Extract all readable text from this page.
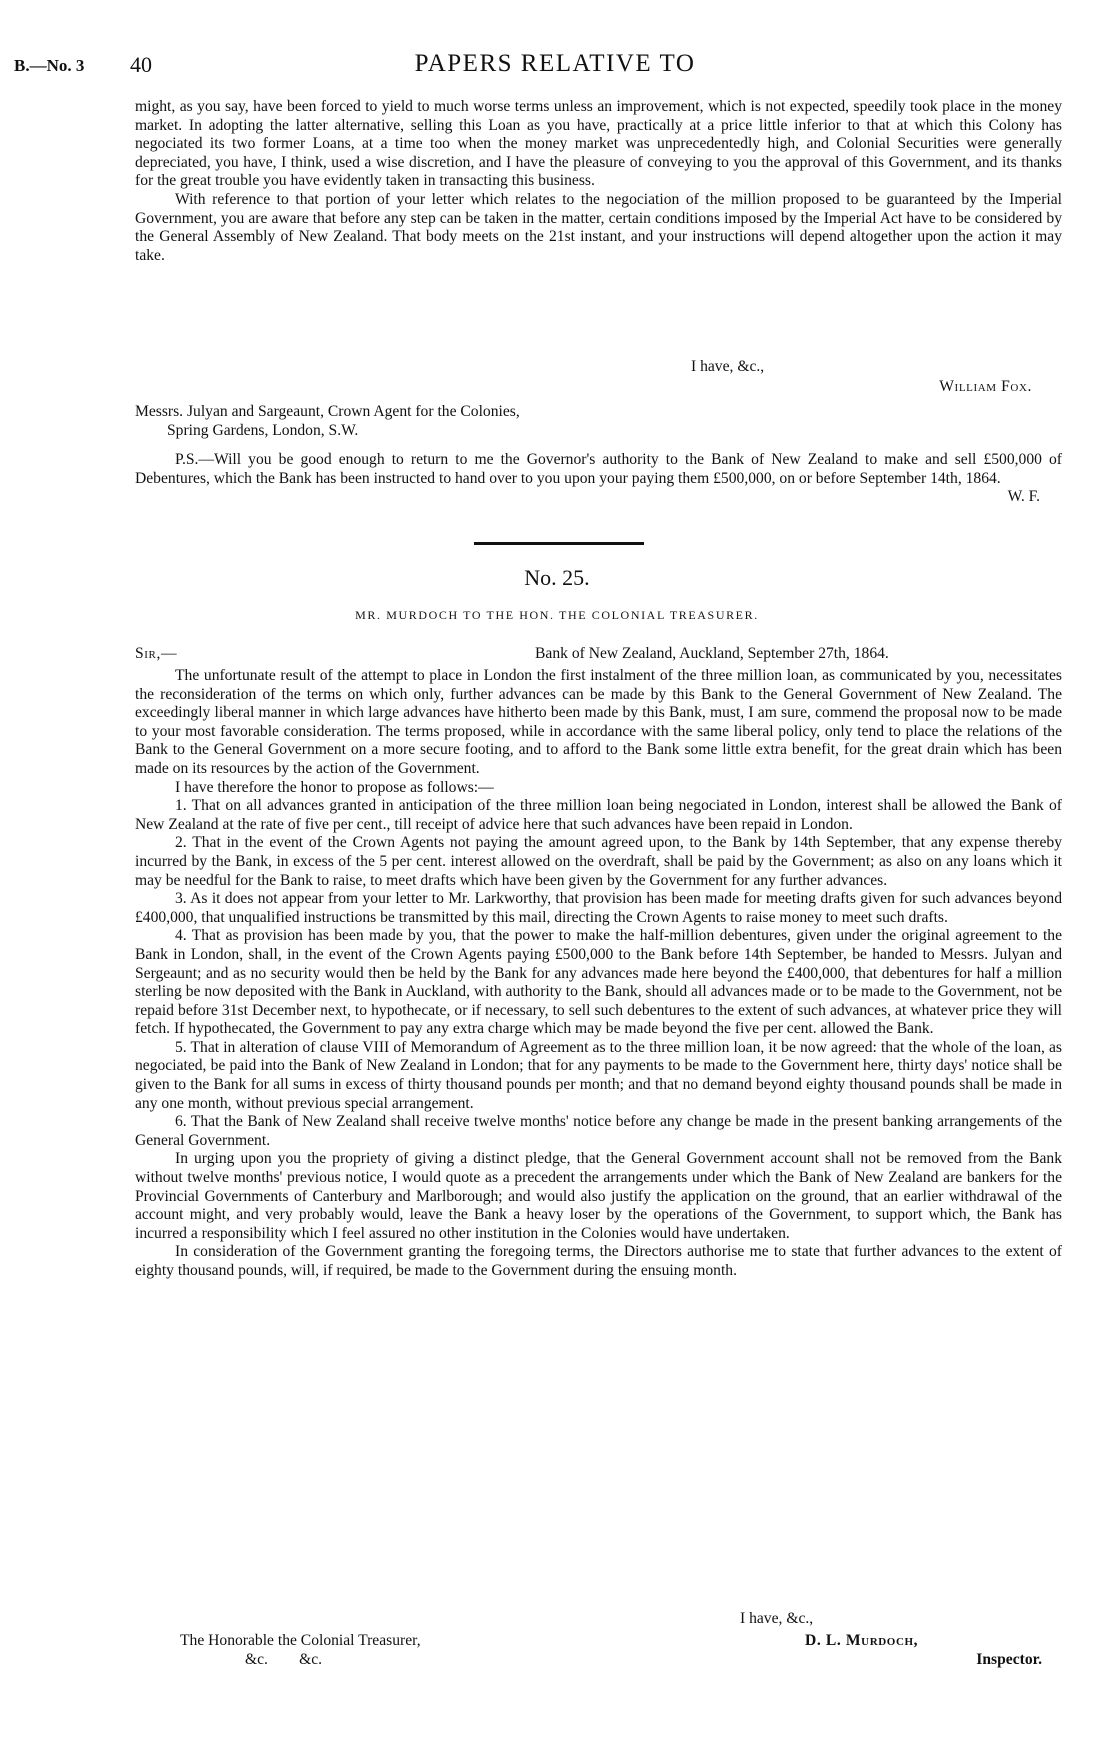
B.—No. 3 40	PAPERS RELATIVE TO

might, as you say, have been forced to yield to much worse terms unless an improvement, which is not expected, speedily took place in the money market. In adopting the latter alternative, selling this Loan as you have, practically at a price little inferior to that at which this Colony has negociated its two former Loans, at a time too when the money market was unprecedentedly high, and Colonial Securities were generally depreciated, you have, I think, used a wise discretion, and I have the pleasure of conveying to you the approval of this Government, and its thanks for the great trouble you have evidently taken in transacting this business.

With reference to that portion of your letter which relates to the negociation of the million proposed to be guaranteed by the Imperial Government, you are aware that before any step can be taken in the matter, certain conditions imposed by the Imperial Act have to be considered by the General Assembly of New Zealand. That body meets on the 21st instant, and your instructions will depend altogether upon the action it may take.

I have, &c.,

William Fox.

Messrs. Julyan and Sargeaunt, Crown Agent for the Colonies,

Spring Gardens, London, S.W.

P.S.—Will you be good enough to return to me the Governor's authority to the Bank of New Zealand to make and sell £500,000 of Debentures, which the Bank has been instructed to hand over to you upon your paying them £500,000, on or before September 14th, 1864.

W. F.

No. 25.
MR. MURDOCH TO THE HON. THE COLONIAL TREASURER.

Sir,—	Bank of New Zealand, Auckland, September 27th, 1864.

The unfortunate result of the attempt to place in London the first instalment of the three million loan, as communicated by you, necessitates the reconsideration of the terms on which only, further advances can be made by this Bank to the General Government of New Zealand. The exceedingly liberal manner in which large advances have hitherto been made by this Bank, must, I am sure, commend the proposal now to be made to your most favorable consideration. The terms proposed, while in accordance with the same liberal policy, only tend to place the relations of the Bank to the General Government on a more secure footing, and to afford to the Bank some little extra benefit, for the great drain which has been made on its resources by the action of the Government.

I have therefore the honor to propose as follows:—

1. That on all advances granted in anticipation of the three million loan being negociated in London, interest shall be allowed the Bank of New Zealand at the rate of five per cent., till receipt of advice here that such advances have been repaid in London.

2. That in the event of the Crown Agents not paying the amount agreed upon, to the Bank by 14th September, that any expense thereby incurred by the Bank, in excess of the 5 per cent. interest allowed on the overdraft, shall be paid by the Government; as also on any loans which it may be needful for the Bank to raise, to meet drafts which have been given by the Government for any further advances.

3. As it does not appear from your letter to Mr. Larkworthy, that provision has been made for meeting drafts given for such advances beyond £400,000, that unqualified instructions be transmitted by this mail, directing the Crown Agents to raise money to meet such drafts.

4. That as provision has been made by you, that the power to make the half-million debentures, given under the original agreement to the Bank in London, shall, in the event of the Crown Agents paying £500,000 to the Bank before 14th September, be handed to Messrs. Julyan and Sergeaunt; and as no security would then be held by the Bank for any advances made here beyond the £400,000, that debentures for half a million sterling be now deposited with the Bank in Auckland, with authority to the Bank, should all advances made or to be made to the Government, not be repaid before 31st December next, to hypothecate, or if necessary, to sell such debentures to the extent of such advances, at whatever price they will fetch. If hypothecated, the Government to pay any extra charge which may be made beyond the five per cent. allowed the Bank.

5. That in alteration of clause VIII of Memorandum of Agreement as to the three million loan, it be now agreed: that the whole of the loan, as negociated, be paid into the Bank of New Zealand in London; that for any payments to be made to the Government here, thirty days' notice shall be given to the Bank for all sums in excess of thirty thousand pounds per month; and that no demand beyond eighty thousand pounds shall be made in any one month, without previous special arrangement.

6. That the Bank of New Zealand shall receive twelve months' notice before any change be made in the present banking arrangements of the General Government.

In urging upon you the propriety of giving a distinct pledge, that the General Government account shall not be removed from the Bank without twelve months' previous notice, I would quote as a precedent the arrangements under which the Bank of New Zealand are bankers for the Provincial Governments of Canterbury and Marlborough; and would also justify the application on the ground, that an earlier withdrawal of the account might, and very probably would, leave the Bank a heavy loser by the operations of the Government, to support which, the Bank has incurred a responsibility which I feel assured no other institution in the Colonies would have undertaken.

In consideration of the Government granting the foregoing terms, the Directors authorise me to state that further advances to the extent of eighty thousand pounds, will, if required, be made to the Government during the ensuing month.

I have, &c.,

The Honorable the Colonial Treasurer,

&c.        &c.

D. L. Murdoch,

Inspector.
